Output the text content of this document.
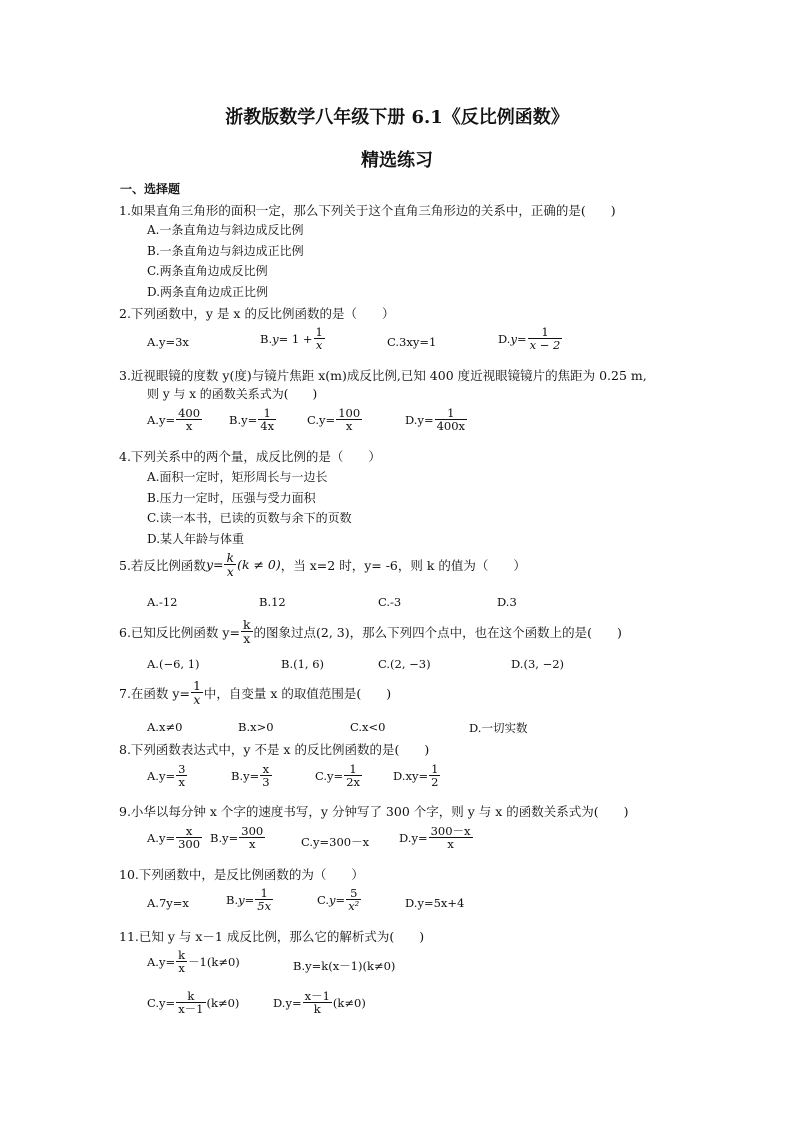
浙教版数学八年级下册 6.1《反比例函数》
精选练习
一、选择题
1.如果直角三角形的面积一定，那么下列关于这个直角三角形边的关系中，正确的是(　　)
A.一条直角边与斜边成反比例
B.一条直角边与斜边成正比例
C.两条直角边成反比例
D.两条直角边成正比例
2.下列函数中，y 是 x 的反比例函数的是（　　）
A.y=3x	$B.y= 1 + \frac{1}{x}$	C.3xy=1	$D.y= \frac{1}{x - 2}$
3.近视眼镜的度数 y(度)与镜片焦距 x(m)成反比例,已知 400 度近视眼镜镜片的焦距为 0.25 m,
则 y 与 x 的函数关系式为(　　)
$A.y= \frac{400}{x} B.y= \frac{1}{4x}$	$C.y= \frac{100}{x}$	$D.y= \frac{1}{400x}$
4.下列关系中的两个量，成反比例的是（　　）
A.面积一定时，矩形周长与一边长
B.压力一定时，压强与受力面积
C.读一本书，已读的页数与余下的页数
D.某人年龄与体重
5.若反比例函数$y= \frac{k}{x} (k \ne 0)$，当 x=2 时，y= -6，则 k 的值为（　　）
A.-12	B.12	C.-3	D.3
6.已知反比例函数 $y= \frac{k}{x}$ 的图象过点(2, 3)，那么下列四个点中，也在这个函数上的是(　　)
A.(−6, 1)	B.(1, 6)	C.(2, −3)	D.(3, −2)
7.在函数 $y= \frac{1}{x}$ 中，自变量 x 的取值范围是(　　)
A.x≠0	B.x>0	C.x<0	D.一切实数
8.下列函数表达式中，y 不是 x 的反比例函数的是(　　)
$A.y= \frac{3}{x}$	$B.y= \frac{x}{3}$	$C.y= \frac{1}{2x}$	$D.xy= \frac{1}{2}$
9.小华以每分钟 x 个字的速度书写，y 分钟写了 300 个字，则 y 与 x 的函数关系式为(　　)
$A.y= \frac{x}{300} B.y= \frac{300}{x}$	C.y=300－x	$D.y= \frac{300-x}{x}$
10.下列函数中，是反比例函数的为（　　）
A.7y=x	$B.y= \frac{1}{5x}$	$C.y= \frac{5}{\text{x²}}$	D.y=5x+4
11.已知 y 与 x－1 成反比例，那么它的解析式为(　　)
$A.y= \frac{k}{x} -1(k\ne 0)$	B.y=k(x－1)(k≠0)
$C.y= \frac{k}{x-1} (k\ne 0)$	$D.y= \frac{x-1}{k} (k\ne 0)$
